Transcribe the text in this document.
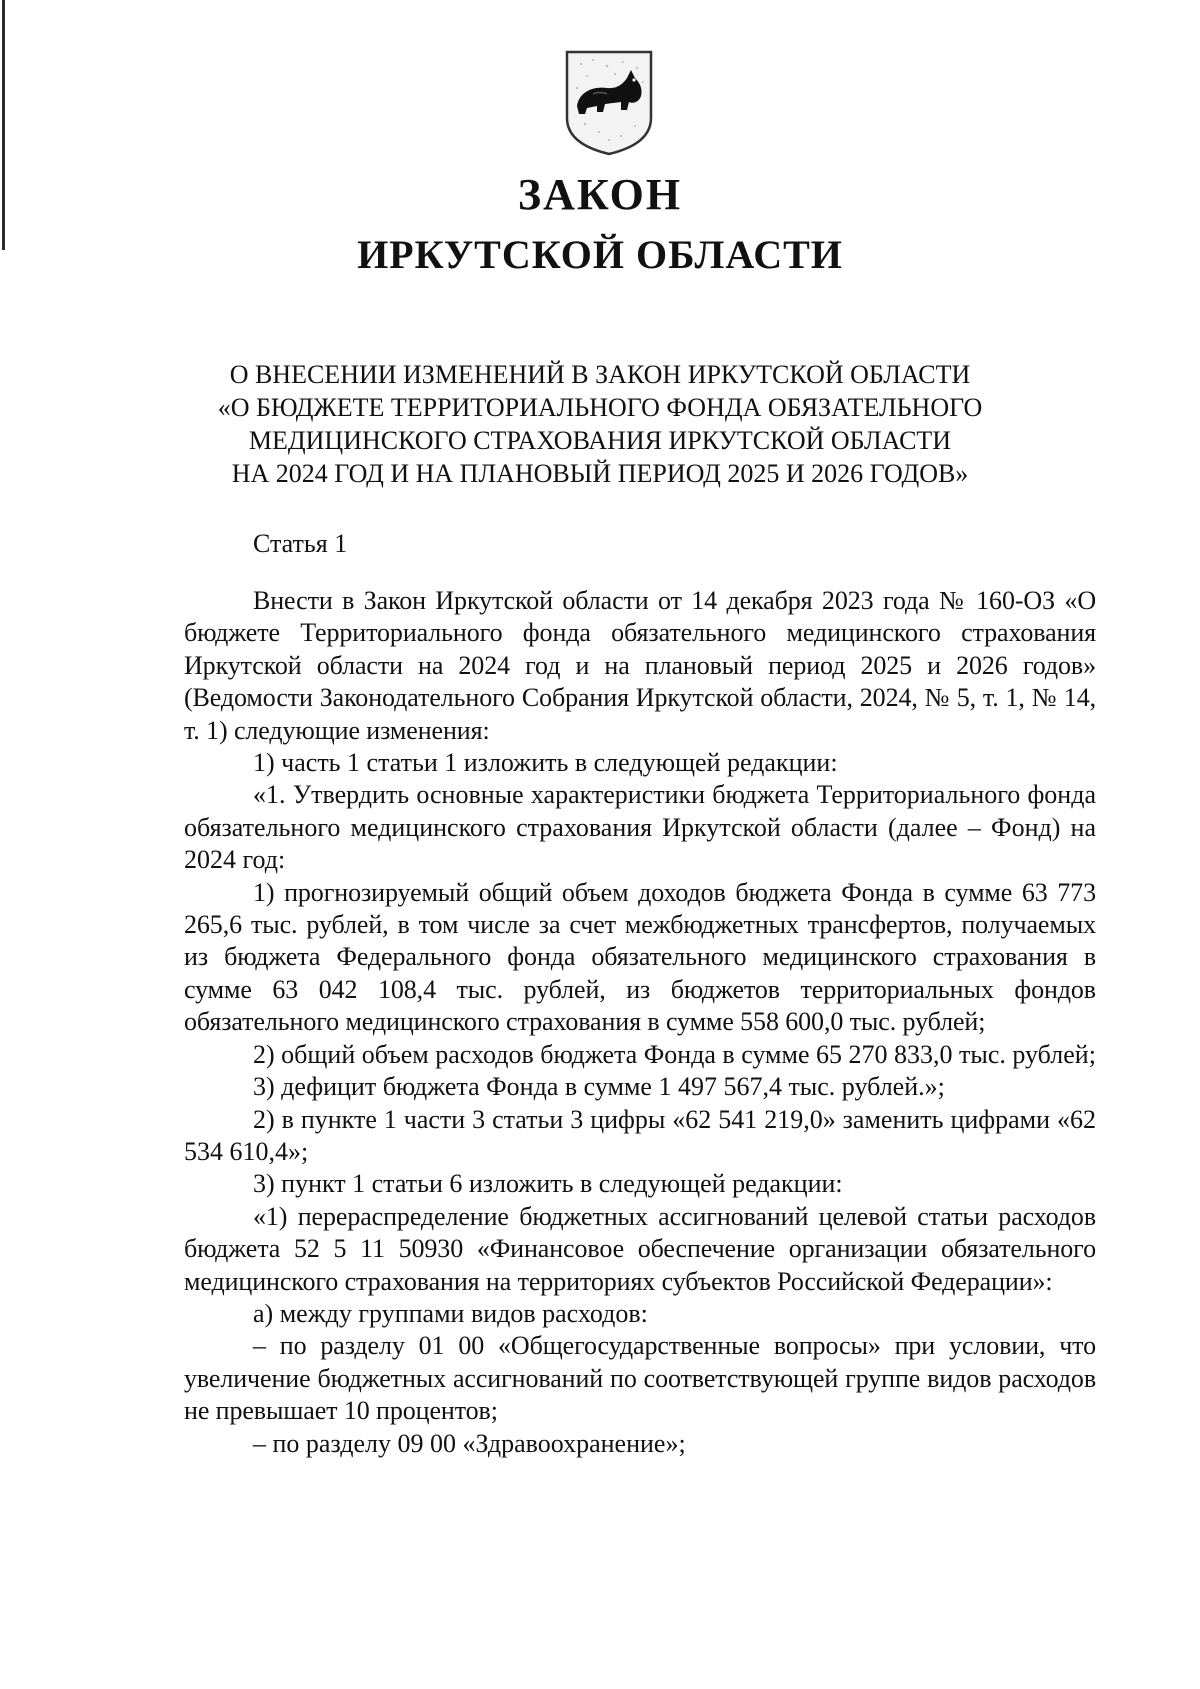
ЗАКОН
ИРКУТСКОЙ ОБЛАСТИ
О ВНЕСЕНИИ ИЗМЕНЕНИЙ В ЗАКОН ИРКУТСКОЙ ОБЛАСТИ
«О БЮДЖЕТЕ ТЕРРИТОРИАЛЬНОГО ФОНДА ОБЯЗАТЕЛЬНОГО
МЕДИЦИНСКОГО СТРАХОВАНИЯ ИРКУТСКОЙ ОБЛАСТИ
НА 2024 ГОД И НА ПЛАНОВЫЙ ПЕРИОД 2025 И 2026 ГОДОВ»
Статья 1

Внести в Закон Иркутской области от 14 декабря 2023 года № 160-ОЗ «О бюджете Территориального фонда обязательного медицинского страхования Иркутской области на 2024 год и на плановый период 2025 и 2026 годов» (Ведомости Законодательного Собрания Иркутской области, 2024, № 5, т. 1, № 14, т. 1) следующие изменения:

1) часть 1 статьи 1 изложить в следующей редакции:

«1. Утвердить основные характеристики бюджета Территориального фонда обязательного медицинского страхования Иркутской области (далее – Фонд) на 2024 год:

1) прогнозируемый общий объем доходов бюджета Фонда в сумме 63 773 265,6 тыс. рублей, в том числе за счет межбюджетных трансфертов, получаемых из бюджета Федерального фонда обязательного медицинского страхования в сумме 63 042 108,4 тыс. рублей, из бюджетов территориальных фондов обязательного медицинского страхования в сумме 558 600,0 тыс. рублей;

2) общий объем расходов бюджета Фонда в сумме 65 270 833,0 тыс. рублей;

3) дефицит бюджета Фонда в сумме 1 497 567,4 тыс. рублей.»;

2) в пункте 1 части 3 статьи 3 цифры «62 541 219,0» заменить цифрами «62 534 610,4»;

3) пункт 1 статьи 6 изложить в следующей редакции:

«1) перераспределение бюджетных ассигнований целевой статьи расходов бюджета 52 5 11 50930 «Финансовое обеспечение организации обязательного медицинского страхования на территориях субъектов Российской Федерации»:

а) между группами видов расходов:

– по разделу 01 00 «Общегосударственные вопросы» при условии, что увеличение бюджетных ассигнований по соответствующей группе видов расходов не превышает 10 процентов;

– по разделу 09 00 «Здравоохранение»;
